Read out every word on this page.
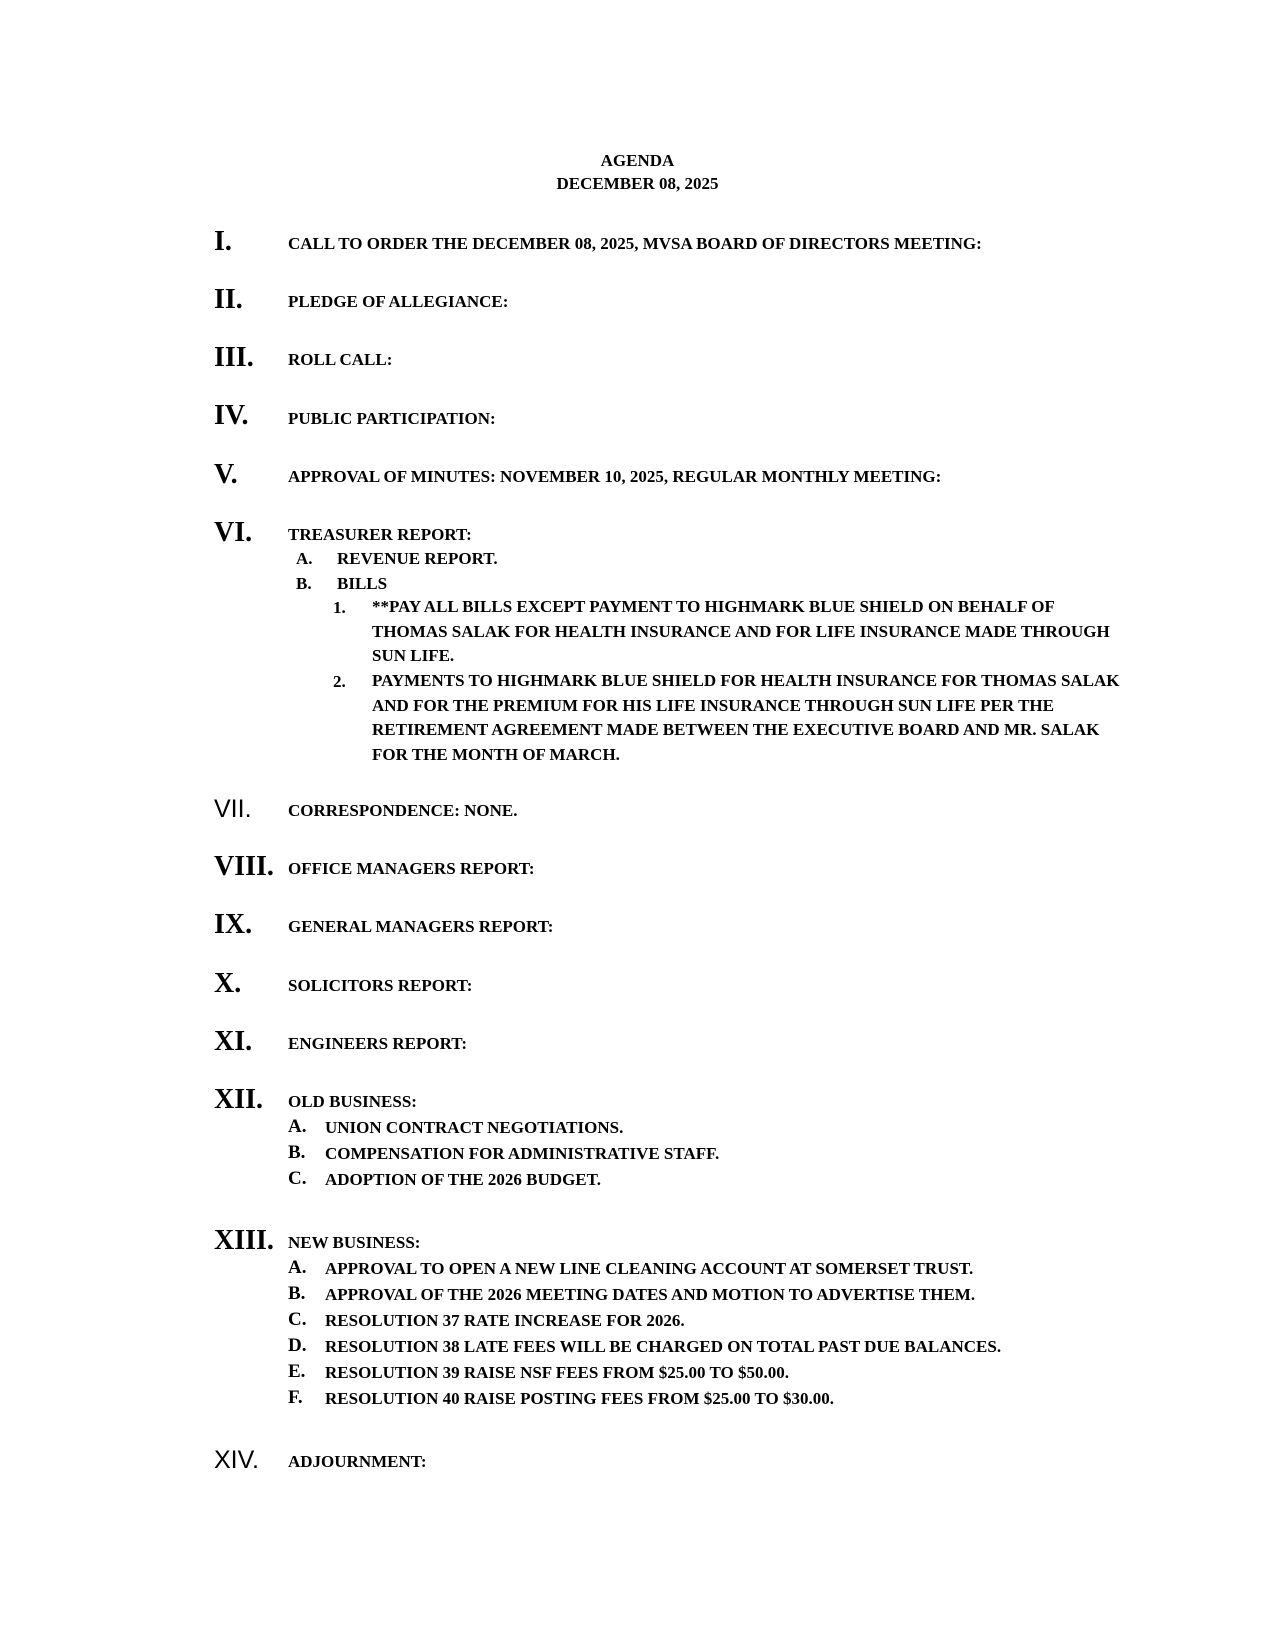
AGENDA
DECEMBER 08, 2025
I.	CALL TO ORDER THE DECEMBER 08, 2025, MVSA BOARD OF DIRECTORS MEETING:
II.	PLEDGE OF ALLEGIANCE:
III. ROLL CALL:
IV. PUBLIC PARTICIPATION:
V.	APPROVAL OF MINUTES: NOVEMBER 10, 2025, REGULAR MONTHLY MEETING:
VI. TREASURER REPORT:
A. REVENUE REPORT.
B. BILLS
1. **PAY ALL BILLS EXCEPT PAYMENT TO HIGHMARK BLUE SHIELD ON BEHALF OF THOMAS SALAK FOR HEALTH INSURANCE AND FOR LIFE INSURANCE MADE THROUGH SUN LIFE.
2. PAYMENTS TO HIGHMARK BLUE SHIELD FOR HEALTH INSURANCE FOR THOMAS SALAK AND FOR THE PREMIUM FOR HIS LIFE INSURANCE THROUGH SUN LIFE PER THE RETIREMENT AGREEMENT MADE BETWEEN THE EXECUTIVE BOARD AND MR. SALAK FOR THE MONTH OF MARCH.
VII. CORRESPONDENCE: NONE.
VIII. OFFICE MANAGERS REPORT:
IX. GENERAL MANAGERS REPORT:
X.	SOLICITORS REPORT:
XI. ENGINEERS REPORT:
XII. OLD BUSINESS:
A. UNION CONTRACT NEGOTIATIONS.
B. COMPENSATION FOR ADMINISTRATIVE STAFF.
C. ADOPTION OF THE 2026 BUDGET.
XIII. NEW BUSINESS:
A. APPROVAL TO OPEN A NEW LINE CLEANING ACCOUNT AT SOMERSET TRUST.
B. APPROVAL OF THE 2026 MEETING DATES AND MOTION TO ADVERTISE THEM.
C. RESOLUTION 37 RATE INCREASE FOR 2026.
D. RESOLUTION 38 LATE FEES WILL BE CHARGED ON TOTAL PAST DUE BALANCES.
E. RESOLUTION 39 RAISE NSF FEES FROM $25.00 TO $50.00.
F. RESOLUTION 40 RAISE POSTING FEES FROM $25.00 TO $30.00.
XIV. ADJOURNMENT:
